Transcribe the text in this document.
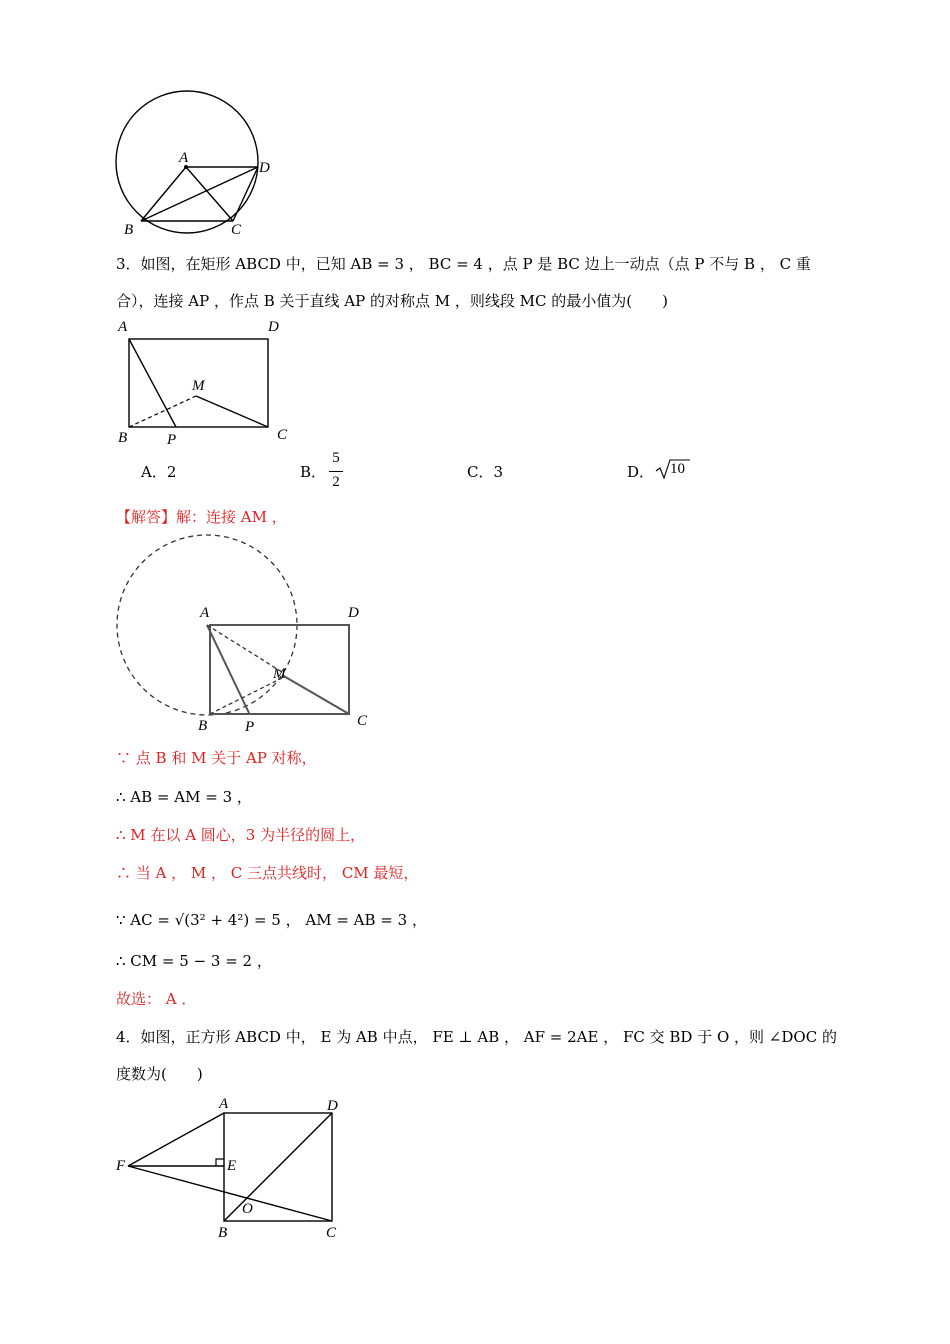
A
D
B	C
3．如图，在矩形 ABCD 中，已知 AB = 3 ， BC = 4 ，点 P 是 BC 边上一动点（点 P 不与 B ， C 重
合），连接 AP ，作点 B 关于直线 AP 的对称点 M ，则线段 MC 的最小值为(　　)
A	D
M
B	P	C
A．2	B．
5
2
C．3	D． 10
【解答】解：连接 AM ，
A	D
M
B	P	C
∵ 点 B 和 M 关于 AP 对称，
∴ AB = AM = 3 ，
∴ M 在以 A 圆心，3 为半径的圆上，
∴ 当 A ， M ， C 三点共线时， CM 最短，
∵ AC = √(3² + 4²) = 5 ， AM = AB = 3 ，
∴ CM = 5 − 3 = 2 ，
故选： A ．
4．如图，正方形 ABCD 中， E 为 AB 中点， FE ⊥ AB ， AF = 2AE ， FC 交 BD 于 O ，则 ∠DOC 的
度数为(　　)
A	D
F	E
O
B	C
